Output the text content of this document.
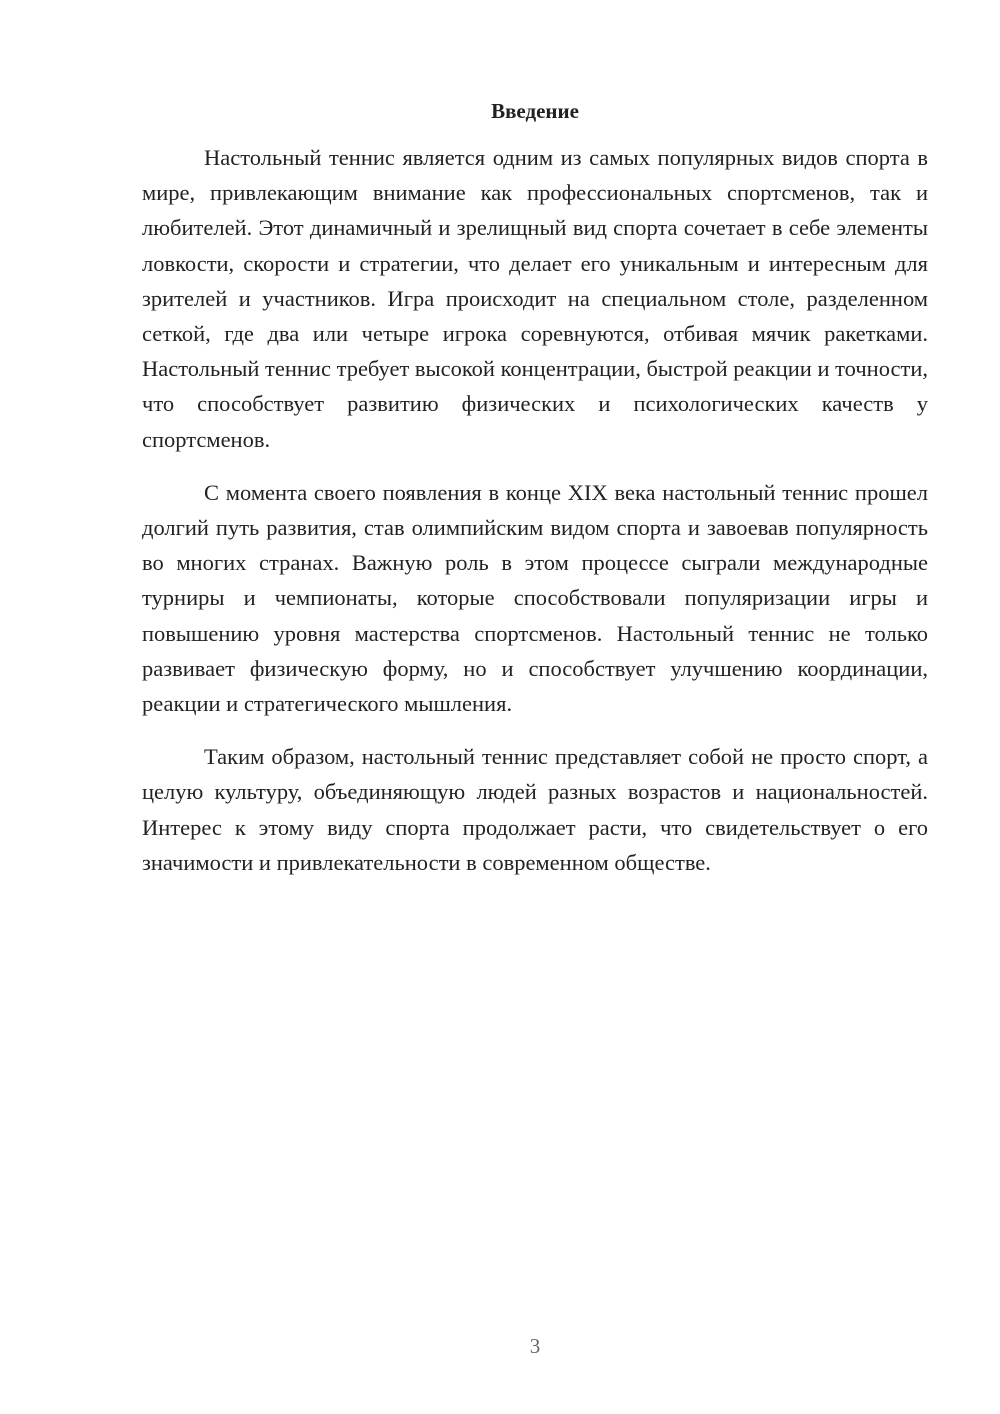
Введение

Настольный теннис является одним из самых популярных видов спорта в мире, привлекающим внимание как профессиональных спортсменов, так и любителей. Этот динамичный и зрелищный вид спорта сочетает в себе элементы ловкости, скорости и стратегии, что делает его уникальным и интересным для зрителей и участников. Игра происходит на специальном столе, разделенном сеткой, где два или четыре игрока соревнуются, отбивая мячик ракетками. Настольный теннис требует высокой концентрации, быстрой реакции и точности, что способствует развитию физических и психологических качеств у спортсменов.

С момента своего появления в конце XIX века настольный теннис прошел долгий путь развития, став олимпийским видом спорта и завоевав популярность во многих странах. Важную роль в этом процессе сыграли международные турниры и чемпионаты, которые способствовали популяризации игры и повышению уровня мастерства спортсменов. Настольный теннис не только развивает физическую форму, но и способствует улучшению координации, реакции и стратегического мышления.

Таким образом, настольный теннис представляет собой не просто спорт, а целую культуру, объединяющую людей разных возрастов и национальностей. Интерес к этому виду спорта продолжает расти, что свидетельствует о его значимости и привлекательности в современном обществе.

3
